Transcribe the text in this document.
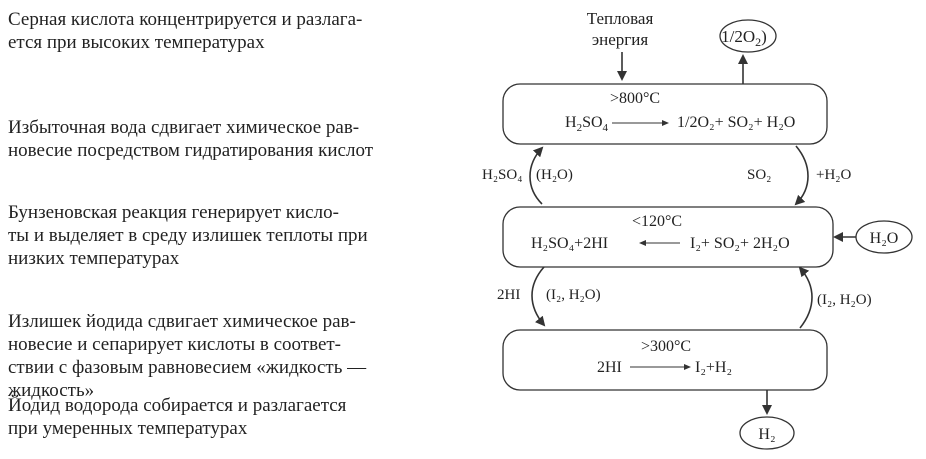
Серная кислота концентрируется и разлага-
ется при высоких температурах

Избыточная вода сдвигает химическое рав-
новесие посредством гидратирования кислот

Бунзеновская реакция генерирует кисло-
ты и выделяет в среду излишек теплоты при
низких температурах

Излишек йодида сдвигает химическое рав-
новесие и сепарирует кислоты в соответ-
ствии с фазовым равновесием «жидкость —
жидкость»

Йодид водорода собирается и разлагается
при умеренных температурах

Тепловая
энергия	$1/2O_2$)
>800°C
$H_2SO_4$	1/2O₂+ SO₂+ H₂O
H₂SO₄ (H₂O)	SO₂	+H₂O
<120°C
H₂SO₄+2HI	I₂+ SO₂+ 2H₂O	H₂O
2HI (I₂, H₂O)	(I₂, H₂O)
>300°C
2HI	I₂+H₂
H₂
